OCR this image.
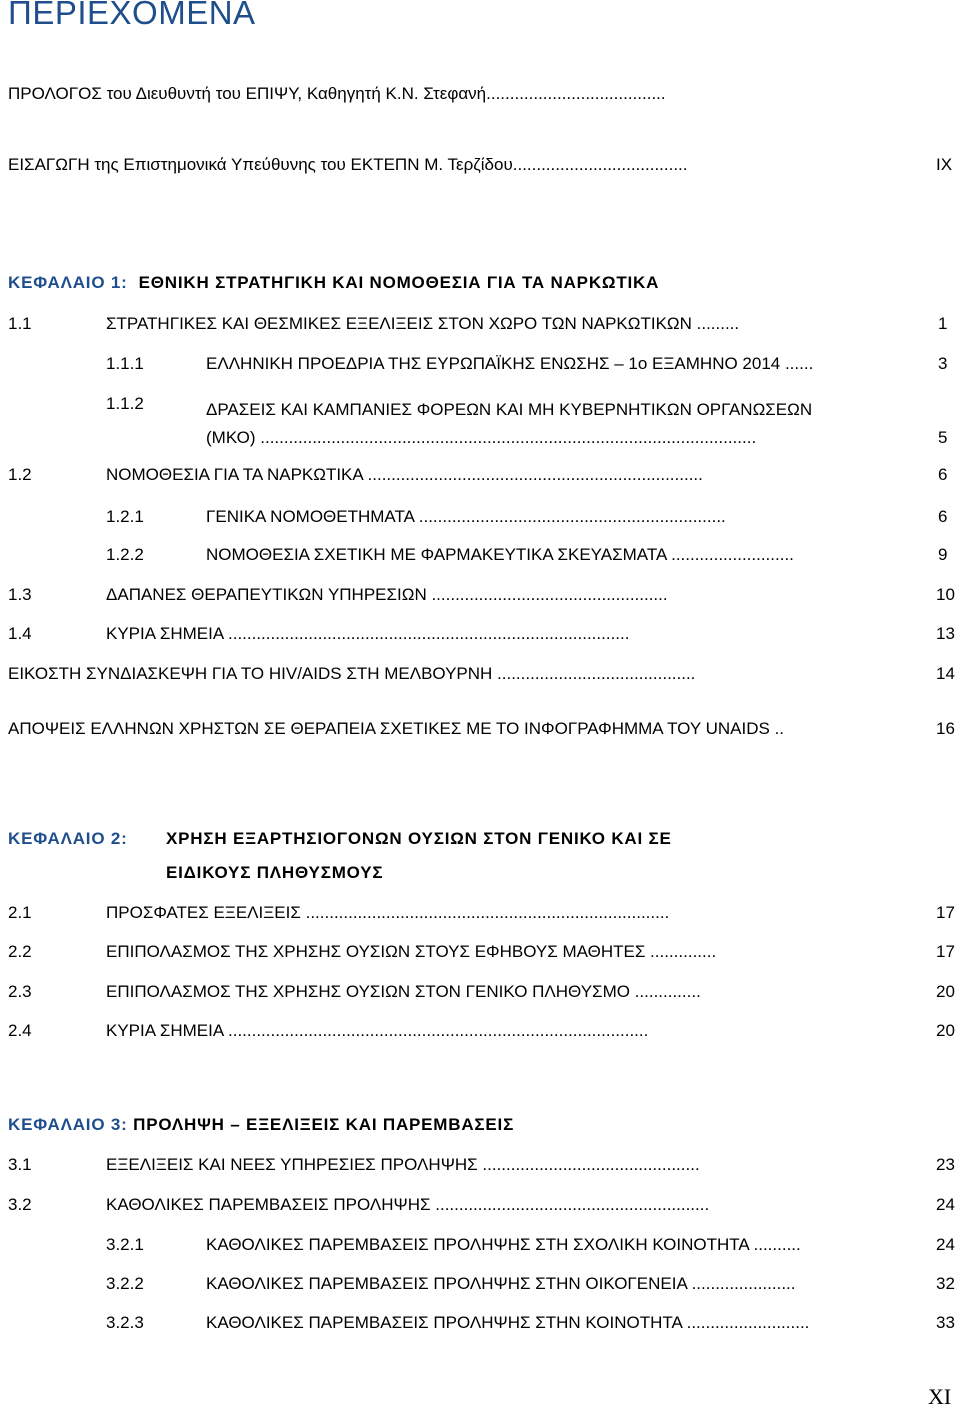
ΠΕΡΙΕΧΟΜΕΝΑ
ΠΡΟΛΟΓΟΣ του Διευθυντή του ΕΠΙΨΥ, Καθηγητή Κ.Ν. Στεφανή......................................
ΕΙΣΑΓΩΓΗ της Επιστημονικά Υπεύθυνης του ΕΚΤΕΠΝ Μ. Τερζίδου.....................................	IX
ΚΕΦΑΛΑΙΟ 1: ΕΘΝΙΚΗ ΣΤΡΑΤΗΓΙΚΗ ΚΑΙ ΝΟΜΟΘΕΣΙΑ ΓΙΑ ΤΑ ΝΑΡΚΩΤΙΚΑ
1.1	ΣΤΡΑΤΗΓΙΚΕΣ ΚΑΙ ΘΕΣΜΙΚΕΣ ΕΞΕΛΙΞΕΙΣ ΣΤΟΝ ΧΩΡΟ ΤΩΝ ΝΑΡΚΩΤΙΚΩΝ .........	1
1.1.1	ΕΛΛΗΝΙΚΗ ΠΡΟΕΔΡΙΑ ΤΗΣ ΕΥΡΩΠΑΪΚΗΣ ΕΝΩΣΗΣ – 1ο ΕΞΑΜΗΝΟ 2014 ......	3
1.1.2	ΔΡΑΣΕΙΣ ΚΑΙ ΚΑΜΠΑΝΙΕΣ ΦΟΡΕΩΝ ΚΑΙ ΜΗ ΚΥΒΕΡΝΗΤΙΚΩΝ ΟΡΓΑΝΩΣΕΩΝ
(ΜΚΟ) .........................................................................................................	5
1.2	ΝΟΜΟΘΕΣΙΑ ΓΙΑ ΤΑ ΝΑΡΚΩΤΙΚΑ .......................................................................	6
1.2.1	ΓΕΝΙΚΑ ΝΟΜΟΘΕΤΗΜΑΤΑ .................................................................	6
1.2.2	ΝΟΜΟΘΕΣΙΑ ΣΧΕΤΙΚΗ ΜΕ ΦΑΡΜΑΚΕΥΤΙΚΑ ΣΚΕΥΑΣΜΑΤΑ ..........................	9
1.3	ΔΑΠΑΝΕΣ ΘΕΡΑΠΕΥΤΙΚΩΝ ΥΠΗΡΕΣΙΩΝ ..................................................	10
1.4	ΚΥΡΙΑ ΣΗΜΕΙΑ .....................................................................................	13
ΕΙΚΟΣΤΗ ΣΥΝΔΙΑΣΚΕΨΗ ΓΙΑ ΤΟ HIV/AIDS ΣΤΗ ΜΕΛΒΟΥΡΝΗ ..........................................	14
ΑΠΟΨΕΙΣ ΕΛΛΗΝΩΝ ΧΡΗΣΤΩΝ ΣΕ ΘΕΡΑΠΕΙΑ ΣΧΕΤΙΚΕΣ ΜΕ ΤΟ ΙΝΦΟΓΡΑΦΗΜΜΑ ΤΟΥ UNAIDS ..	16
ΚΕΦΑΛΑΙΟ 2: ΧΡΗΣΗ ΕΞΑΡΤΗΣΙΟΓΟΝΩΝ ΟΥΣΙΩΝ ΣΤΟΝ ΓΕΝΙΚΟ ΚΑΙ ΣΕ
ΕΙΔΙΚΟΥΣ ΠΛΗΘΥΣΜΟΥΣ
2.1	ΠΡΟΣΦΑΤΕΣ ΕΞΕΛΙΞΕΙΣ .............................................................................	17
2.2	ΕΠΙΠΟΛΑΣΜΟΣ ΤΗΣ ΧΡΗΣΗΣ ΟΥΣΙΩΝ ΣΤΟΥΣ ΕΦΗΒΟΥΣ ΜΑΘΗΤΕΣ ..............	17
2.3	ΕΠΙΠΟΛΑΣΜΟΣ ΤΗΣ ΧΡΗΣΗΣ ΟΥΣΙΩΝ ΣΤΟΝ ΓΕΝΙΚΟ ΠΛΗΘΥΣΜΟ ..............	20
2.4	ΚΥΡΙΑ ΣΗΜΕΙΑ .........................................................................................	20
ΚΕΦΑΛΑΙΟ 3: ΠΡΟΛΗΨΗ – ΕΞΕΛΙΞΕΙΣ ΚΑΙ ΠΑΡΕΜΒΑΣΕΙΣ
3.1	ΕΞΕΛΙΞΕΙΣ ΚΑΙ ΝΕΕΣ ΥΠΗΡΕΣΙΕΣ ΠΡΟΛΗΨΗΣ ..............................................	23
3.2	ΚΑΘΟΛΙΚΕΣ ΠΑΡΕΜΒΑΣΕΙΣ ΠΡΟΛΗΨΗΣ ..........................................................	24
3.2.1	ΚΑΘΟΛΙΚΕΣ ΠΑΡΕΜΒΑΣΕΙΣ ΠΡΟΛΗΨΗΣ ΣΤΗ ΣΧΟΛΙΚΗ ΚΟΙΝΟΤΗΤΑ ..........	24
3.2.2	ΚΑΘΟΛΙΚΕΣ ΠΑΡΕΜΒΑΣΕΙΣ ΠΡΟΛΗΨΗΣ ΣΤΗΝ ΟΙΚΟΓΕΝΕΙΑ ......................	32
3.2.3	ΚΑΘΟΛΙΚΕΣ ΠΑΡΕΜΒΑΣΕΙΣ ΠΡΟΛΗΨΗΣ ΣΤΗΝ ΚΟΙΝΟΤΗΤΑ ..........................	33
XI
